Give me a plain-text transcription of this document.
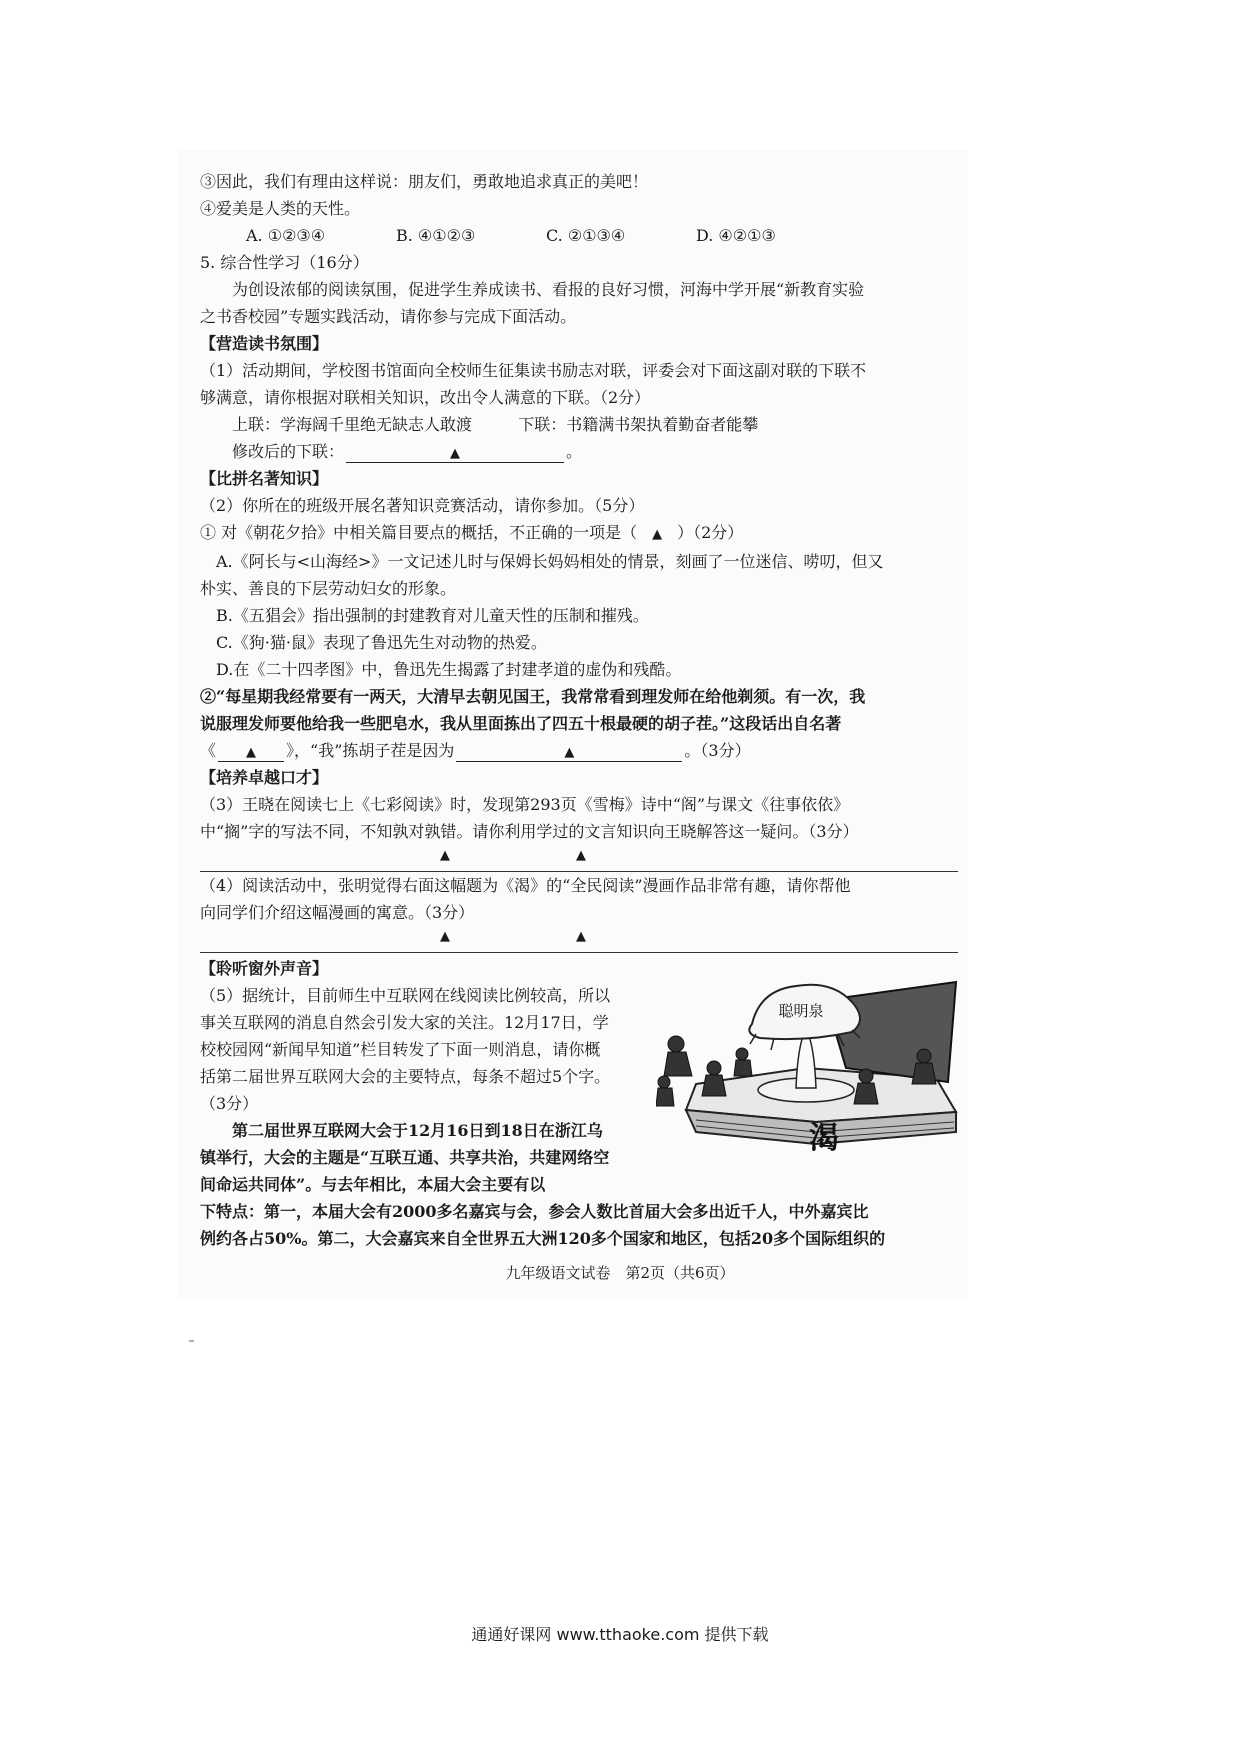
③因此，我们有理由这样说：朋友们，勇敢地追求真正的美吧！
④爱美是人类的天性。
A. ①②③④	B. ④①②③	C. ②①③④	D. ④②①③
5. 综合性学习（16分）
为创设浓郁的阅读氛围，促进学生养成读书、看报的良好习惯，河海中学开展“新教育实验
之书香校园”专题实践活动，请你参与完成下面活动。
【营造读书氛围】
（1）活动期间，学校图书馆面向全校师生征集读书励志对联，评委会对下面这副对联的下联不
够满意，请你根据对联相关知识，改出令人满意的下联。（2分）
上联：学海阔千里绝无缺志人敢渡	下联：书籍满书架执着勤奋者能攀
修改后的下联：	▲	。
【比拼名著知识】
（2）你所在的班级开展名著知识竞赛活动，请你参加。（5分）
① 对《朝花夕拾》中相关篇目要点的概括，不正确的一项是（ ▲ ）（2分）
A.《阿长与<山海经>》一文记述儿时与保姆长妈妈相处的情景，刻画了一位迷信、唠叨，但又
朴实、善良的下层劳动妇女的形象。
B.《五猖会》指出强制的封建教育对儿童天性的压制和摧残。
C.《狗·猫·鼠》表现了鲁迅先生对动物的热爱。
D.在《二十四孝图》中，鲁迅先生揭露了封建孝道的虚伪和残酷。
②“每星期我经常要有一两天，大清早去朝见国王，我常常看到理发师在给他剃须。有一次，我
说服理发师要他给我一些肥皂水，我从里面拣出了四五十根最硬的胡子茬。”这段话出自名著
《 ▲ 》，“我”拣胡子茬是因为	▲	。（3分）
【培养卓越口才】
（3）王晓在阅读七上《七彩阅读》时，发现第293页《雪梅》诗中“阁”与课文《往事依依》
中“搁”字的写法不同，不知孰对孰错。请你利用学过的文言知识向王晓解答这一疑问。（3分）
▲	▲
（4）阅读活动中，张明觉得右面这幅题为《渴》的“全民阅读”漫画作品非常有趣，请你帮他
向同学们介绍这幅漫画的寓意。（3分）
▲	▲
【聆听窗外声音】
（5）据统计，目前师生中互联网在线阅读比例较高，所以事关互联网的消息自然会引发大家的关注。12月17日，学校校园网“新闻早知道”栏目转发了下面一则消息，请你概括第二届世界互联网大会的主要特点，每条不超过5个字。（3分）
第二届世界互联网大会于12月16日到18日在浙江乌镇举行，大会的主题是“互联互通、共享共治，共建网络空间命运共同体”。与去年相比，本届大会主要有以
下特点：第一，本届大会有2000多名嘉宾与会，参会人数比首届大会多出近千人，中外嘉宾比
例约各占50%。第二，大会嘉宾来自全世界五大洲120多个国家和地区，包括20多个国际组织的
聪明泉
渴
九年级语文试卷　第2页（共6页）
通通好课网 www.tthaoke.com 提供下载
